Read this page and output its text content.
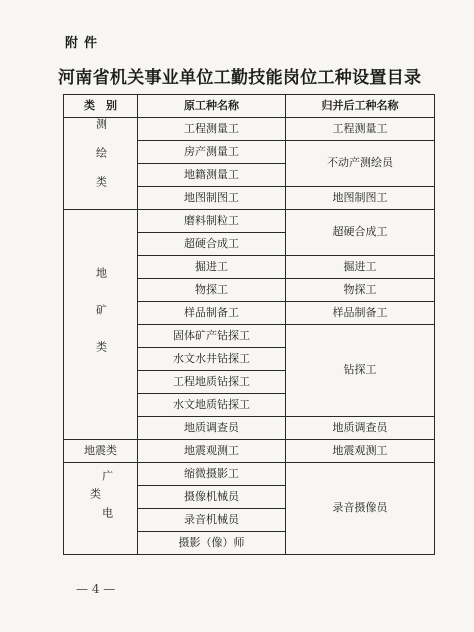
附件
河南省机关事业单位工勤技能岗位工种设置目录
类　别	原工种名称	归并后工种名称
测绘类	工程测量工	工程测量工
	房产测量工	不动产测绘员
	地籍测量工	
	地图制图工	地图制图工
地矿类	磨料制粒工	超硬合成工
	超硬合成工	
	掘进工	掘进工
	物探工	物探工
	样品制备工	样品制备工
	固体矿产钻探工	钻探工
	水文水井钻探工	
	工程地质钻探工	
	水文地质钻探工	
	地质调查员	地质调查员
地震类	地震观测工	地震观测工
广电类	缩微摄影工	录音摄像员
	摄像机械员	
	录音机械员	
	摄影（像）师	
— 4 —
